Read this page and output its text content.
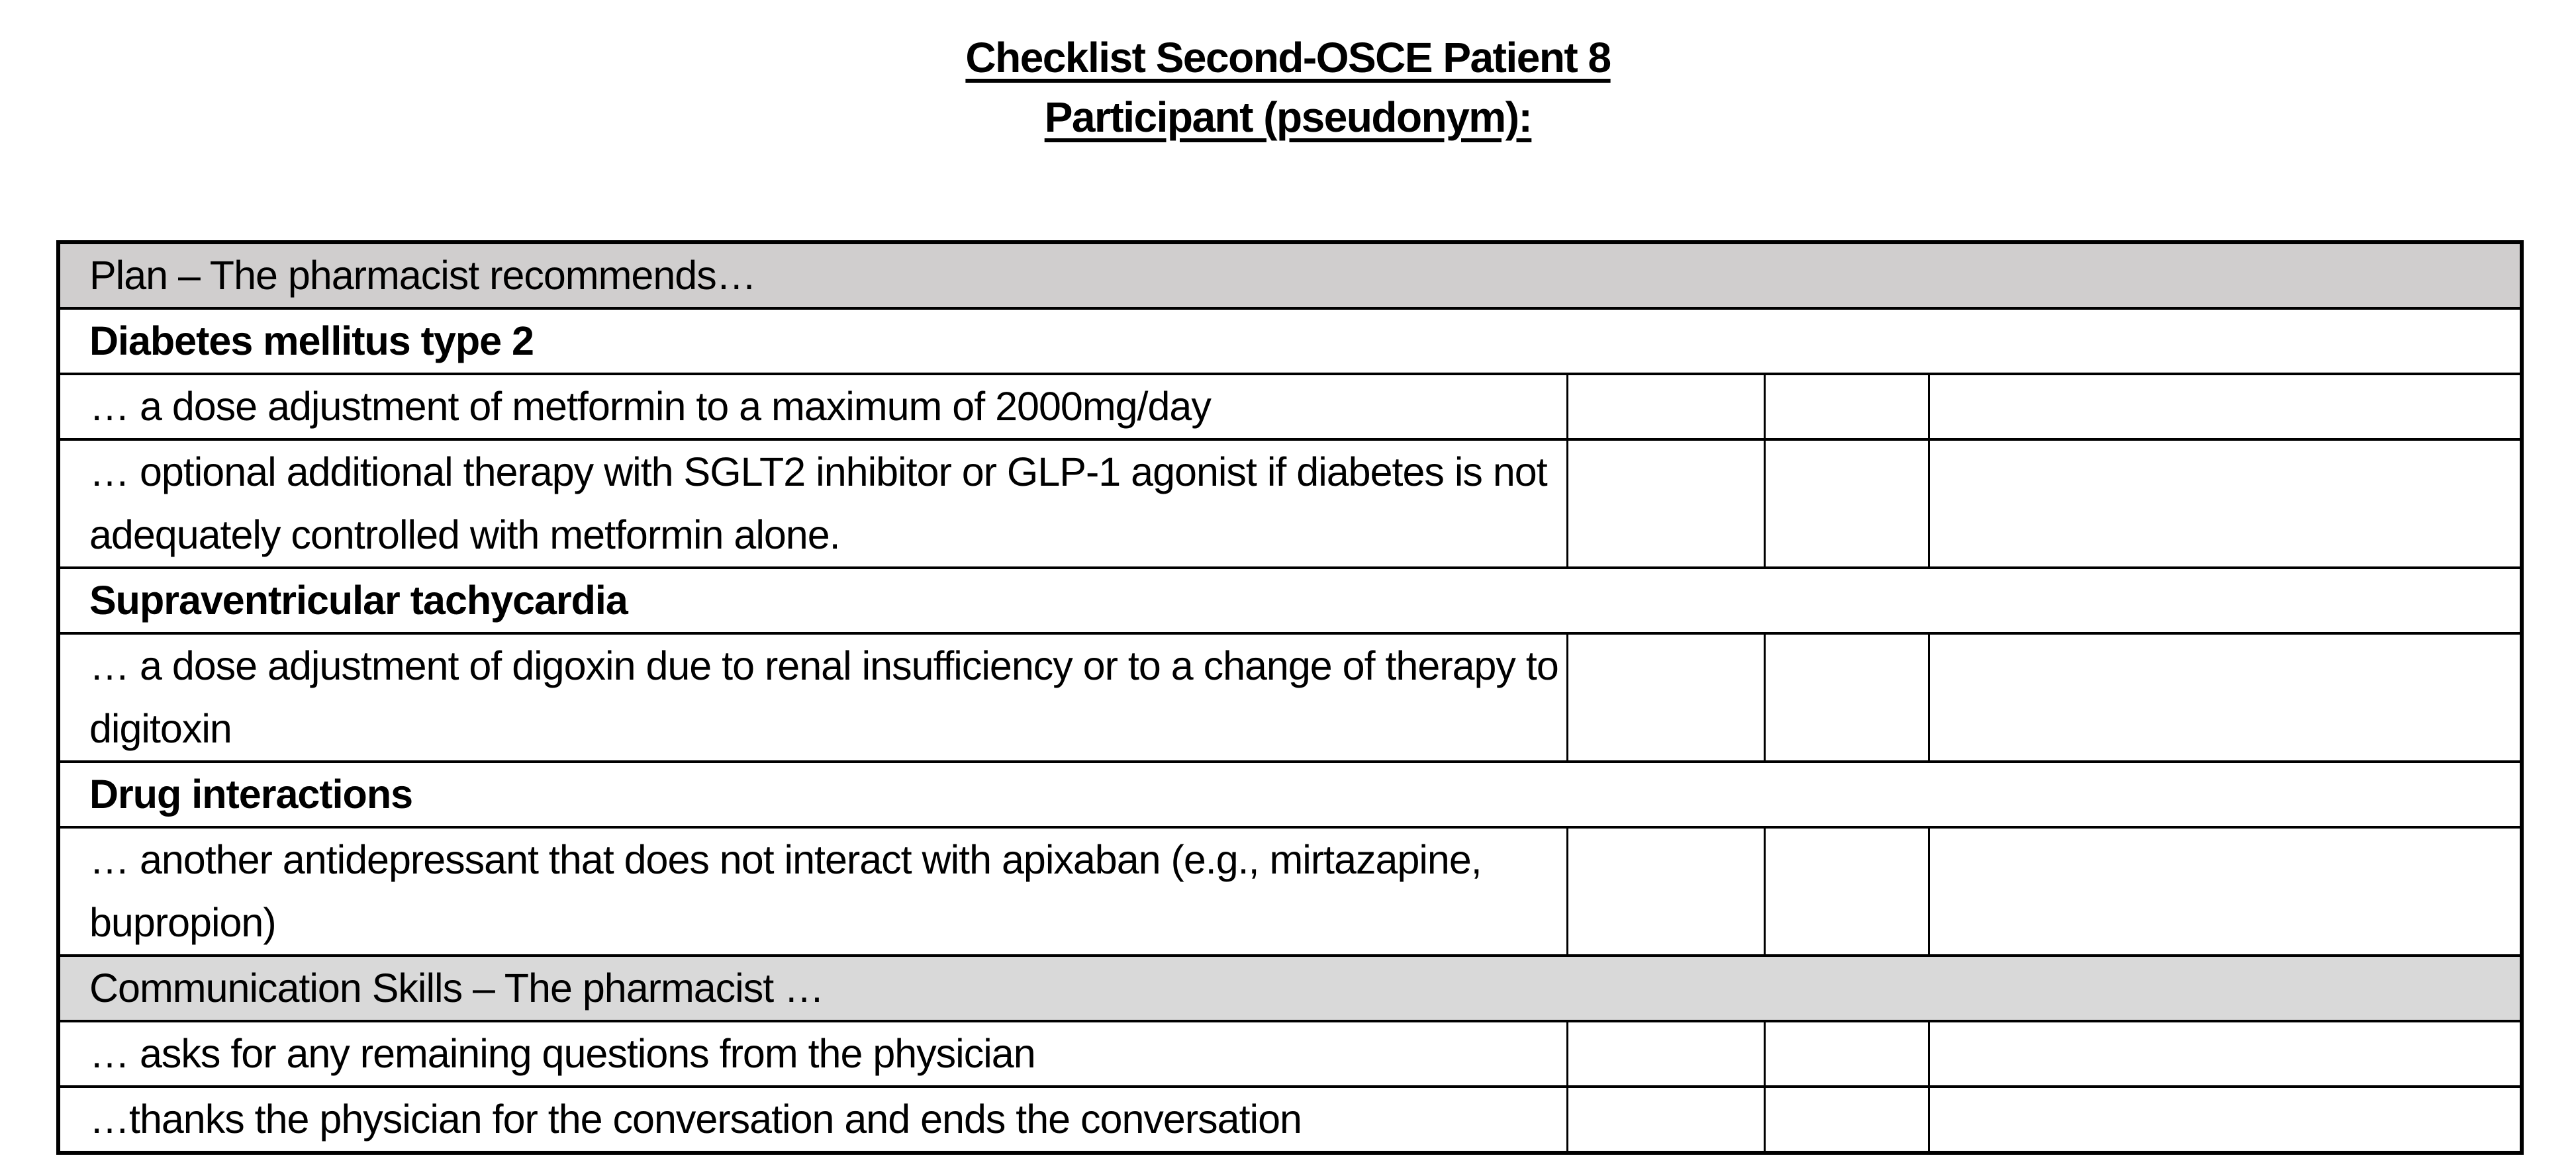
Checklist Second-OSCE Patient 8
Participant (pseudonym):
Plan – The pharmacist recommends…			
Diabetes mellitus type 2			
… a dose adjustment of metformin to a maximum of 2000mg/day			
… optional additional therapy with SGLT2 inhibitor or GLP-1 agonist if diabetes is not adequately controlled with metformin alone.			
Supraventricular tachycardia			
… a dose adjustment of digoxin due to renal insufficiency or to a change of therapy to digitoxin			
Drug interactions			
… another antidepressant that does not interact with apixaban (e.g., mirtazapine, bupropion)			
Communication Skills – The pharmacist …			
… asks for any remaining questions from the physician			
…thanks the physician for the conversation and ends the conversation			
